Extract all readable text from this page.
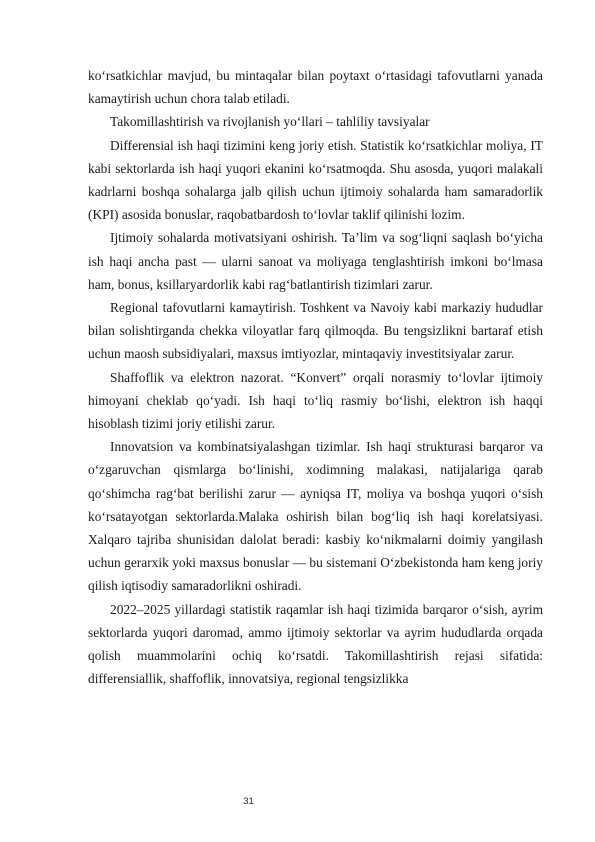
ko‘rsatkichlar mavjud, bu mintaqalar bilan poytaxt o‘rtasidagi tafovutlarni yanada kamaytirish uchun chora talab etiladi.

Takomillashtirish va rivojlanish yo‘llari – tahliliy tavsiyalar

Differensial ish haqi tizimini keng joriy etish. Statistik ko‘rsatkichlar moliya, IT kabi sektorlarda ish haqi yuqori ekanini ko‘rsatmoqda. Shu asosda, yuqori malakali kadrlarni boshqa sohalarga jalb qilish uchun ijtimoiy sohalarda ham samaradorlik (KPI) asosida bonuslar, raqobatbardosh to‘lovlar taklif qilinishi lozim.

Ijtimoiy sohalarda motivatsiyani oshirish. Ta’lim va sog‘liqni saqlash bo‘yicha ish haqi ancha past — ularni sanoat va moliyaga tenglashtirish imkoni bo‘lmasa ham, bonus, ksillaryardorlik kabi rag‘batlantirish tizimlari zarur.

Regional tafovutlarni kamaytirish. Toshkent va Navoiy kabi markaziy hududlar bilan solishtirganda chekka viloyatlar farq qilmoqda. Bu tengsizlikni bartaraf etish uchun maosh subsidiyalari, maxsus imtiyozlar, mintaqaviy investitsiyalar zarur.

Shaffoflik va elektron nazorat. “Konvert” orqali norasmiy to‘lovlar ijtimoiy himoyani cheklab qo‘yadi. Ish haqi to‘liq rasmiy bo‘lishi, elektron ish haqqi hisoblash tizimi joriy etilishi zarur.

Innovatsion va kombinatsiyalashgan tizimlar. Ish haqi strukturasi barqaror va o‘zgaruvchan qismlarga bo‘linishi, xodimning malakasi, natijalariga qarab qo‘shimcha rag‘bat berilishi zarur — ayniqsa IT, moliya va boshqa yuqori o‘sish ko‘rsatayotgan sektorlarda.Malaka oshirish bilan bog‘liq ish haqi korelatsiyasi. Xalqaro tajriba shunisidan dalolat beradi: kasbiy ko‘nikmalarni doimiy yangilash uchun gerarxik yoki maxsus bonuslar — bu sistemani O‘zbekistonda ham keng joriy qilish iqtisodiy samaradorlikni oshiradi.

2022–2025 yillardagi statistik raqamlar ish haqi tizimida barqaror o‘sish, ayrim sektorlarda yuqori daromad, ammo ijtimoiy sektorlar va ayrim hududlarda orqada qolish muammolarini ochiq ko‘rsatdi. Takomillashtirish rejasi sifatida: differensiallik, shaffoflik, innovatsiya, regional tengsizlikka

31
